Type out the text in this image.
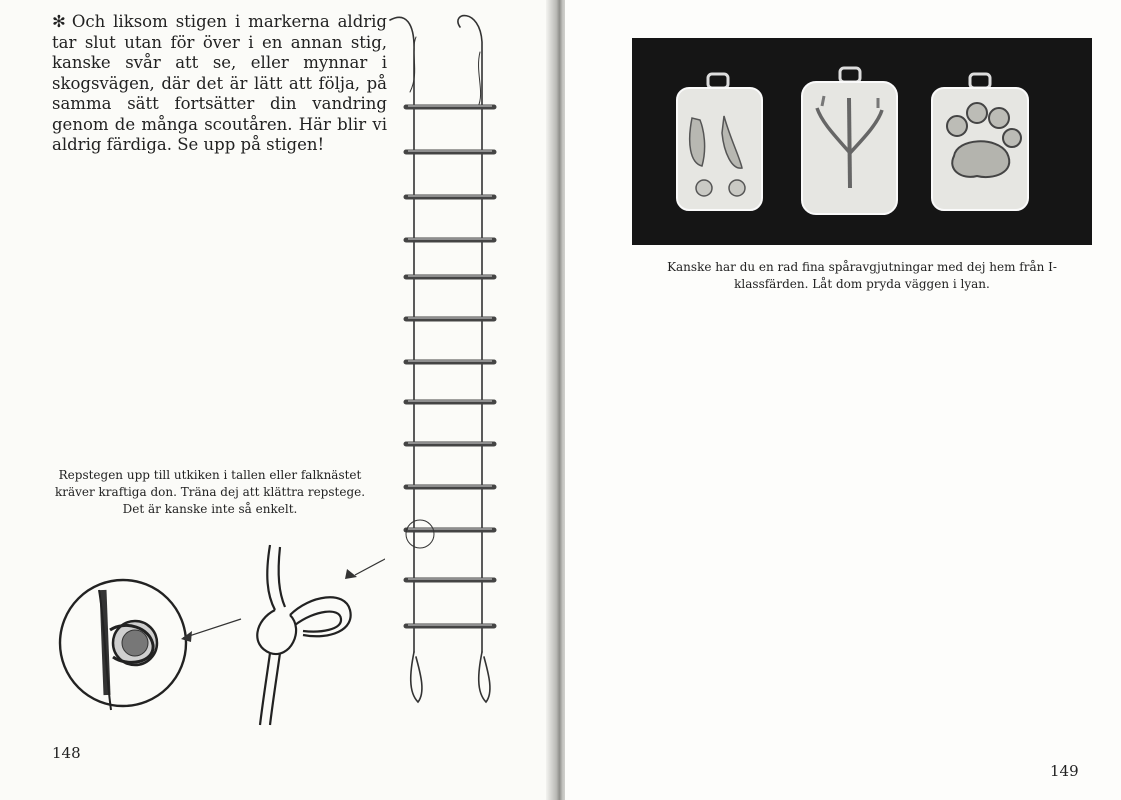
✻ Och liksom stigen i markerna aldrig tar slut utan för över i en annan stig, kanske svår att se, eller mynnar i skogsvägen, där det är lätt att följa, på samma sätt fortsätter din vandring genom de många scoutåren. Här blir vi aldrig färdiga. Se upp på stigen!

Repstegen upp till utkiken i tallen eller falknästet kräver kraftiga don. Träna dej att klättra repstege. Det är kanske inte så enkelt.

148

Kanske har du en rad fina spåravgjutningar med dej hem från I-klassfärden. Låt dom pryda väggen i lyan.

149
